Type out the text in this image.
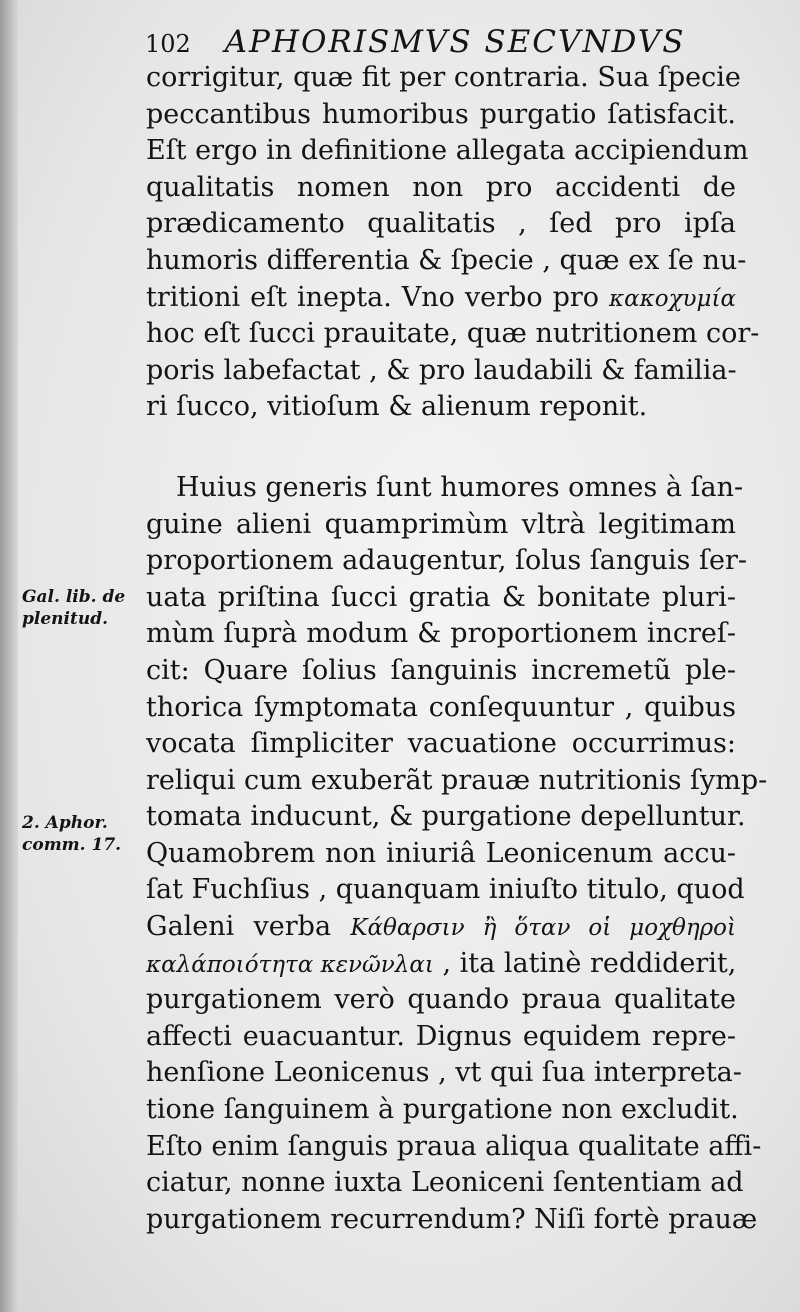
102 APHORISMVS SECVNDVS
corrigitur, quæ fit per contraria. Sua ſpecie
peccantibus humoribus purgatio ſatisfacit.
Eſt ergo in definitione allegata accipiendum
qualitatis nomen non pro accidenti de
prædicamento qualitatis , ſed pro ipſa
humoris differentia & ſpecie , quæ ex ſe nu-
tritioni eſt inepta. Vno verbo pro κακοχυμία
hoc eſt ſucci prauitate, quæ nutritionem cor-
poris labefactat , & pro laudabili & familia-
ri ſucco, vitioſum & alienum reponit.
Huius generis ſunt humores omnes à ſan-
guine alieni quamprimùm vltrà legitimam
proportionem adaugentur, ſolus ſanguis ſer-
uata priſtina ſucci gratia & bonitate pluri-
mùm ſuprà modum & proportionem increſ-
cit: Quare ſolius ſanguinis incremetũ ple-
thorica ſymptomata conſequuntur , quibus
vocata ſimpliciter vacuatione occurrimus:
reliqui cum exuberãt prauæ nutritionis ſymp-
tomata inducunt, & purgatione depelluntur.
Quamobrem non iniuriâ Leonicenum accu-
ſat Fuchſius , quanquam iniuſto titulo, quod
Galeni verba Κάθαρσιν ἢ ὅταν οἱ μοχθηροὶ
καλάποιότητα κενῶνλαι , ita latinè reddiderit,
purgationem verò quando praua qualitate
affecti euacuantur. Dignus equidem repre-
henſione Leonicenus , vt qui ſua interpreta-
tione ſanguinem à purgatione non excludit.
Eſto enim ſanguis praua aliqua qualitate affi-
ciatur, nonne iuxta Leoniceni ſententiam ad
purgationem recurrendum? Niſi fortè prauæ
Gal. lib. de
plenitud.
2. Aphor.
comm. 17.
